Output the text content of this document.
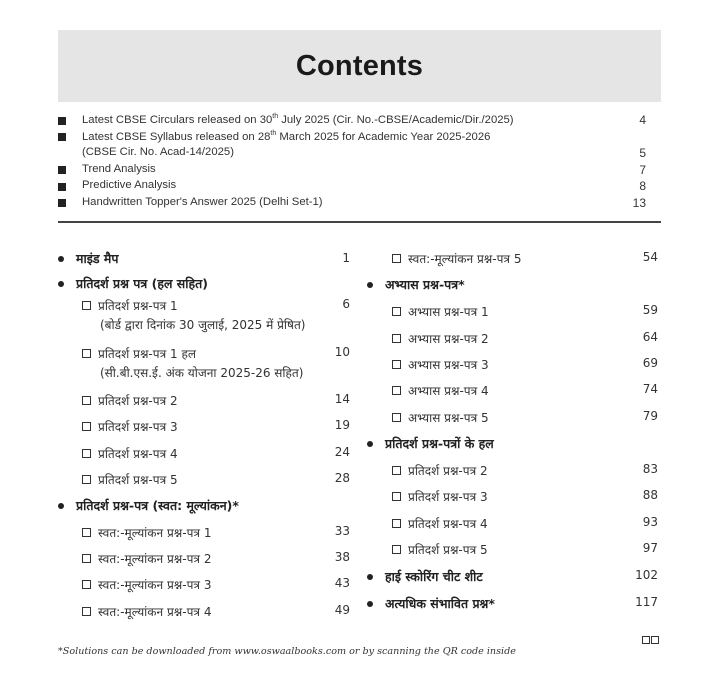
Contents
Latest CBSE Circulars released on 30th July 2025 (Cir. No.-CBSE/Academic/Dir./2025)	4
Latest CBSE Syllabus released on 28th March 2025 for Academic Year 2025-2026
(CBSE Cir. No. Acad-14/2025)	5
Trend Analysis	7
Predictive Analysis	8
Handwritten Topper's Answer 2025 (Delhi Set-1)	13
माइंड मैप	1
प्रतिदर्श प्रश्न पत्र (हल सहित)
प्रतिदर्श प्रश्न-पत्र 1	6
(बोर्ड द्वारा दिनांक 30 जुलाई, 2025 में प्रेषित)
प्रतिदर्श प्रश्न-पत्र 1 हल	10
(सी.बी.एस.ई. अंक योजना 2025-26 सहित)
प्रतिदर्श प्रश्न-पत्र 2	14
प्रतिदर्श प्रश्न-पत्र 3	19
प्रतिदर्श प्रश्न-पत्र 4	24
प्रतिदर्श प्रश्न-पत्र 5	28
प्रतिदर्श प्रश्न-पत्र (स्वत: मूल्यांकन)*
स्वत:-मूल्यांकन प्रश्न-पत्र 1	33
स्वत:-मूल्यांकन प्रश्न-पत्र 2	38
स्वत:-मूल्यांकन प्रश्न-पत्र 3	43
स्वत:-मूल्यांकन प्रश्न-पत्र 4	49
स्वत:-मूल्यांकन प्रश्न-पत्र 5	54
अभ्यास प्रश्न-पत्र*
अभ्यास प्रश्न-पत्र 1	59
अभ्यास प्रश्न-पत्र 2	64
अभ्यास प्रश्न-पत्र 3	69
अभ्यास प्रश्न-पत्र 4	74
अभ्यास प्रश्न-पत्र 5	79
प्रतिदर्श प्रश्न-पत्रों के हल
प्रतिदर्श प्रश्न-पत्र 2	83
प्रतिदर्श प्रश्न-पत्र 3	88
प्रतिदर्श प्रश्न-पत्र 4	93
प्रतिदर्श प्रश्न-पत्र 5	97
हाई स्कोरिंग चीट शीट	102
अत्यधिक संभावित प्रश्न*	117
*Solutions can be downloaded from www.oswaalbooks.com or by scanning the QR code inside
